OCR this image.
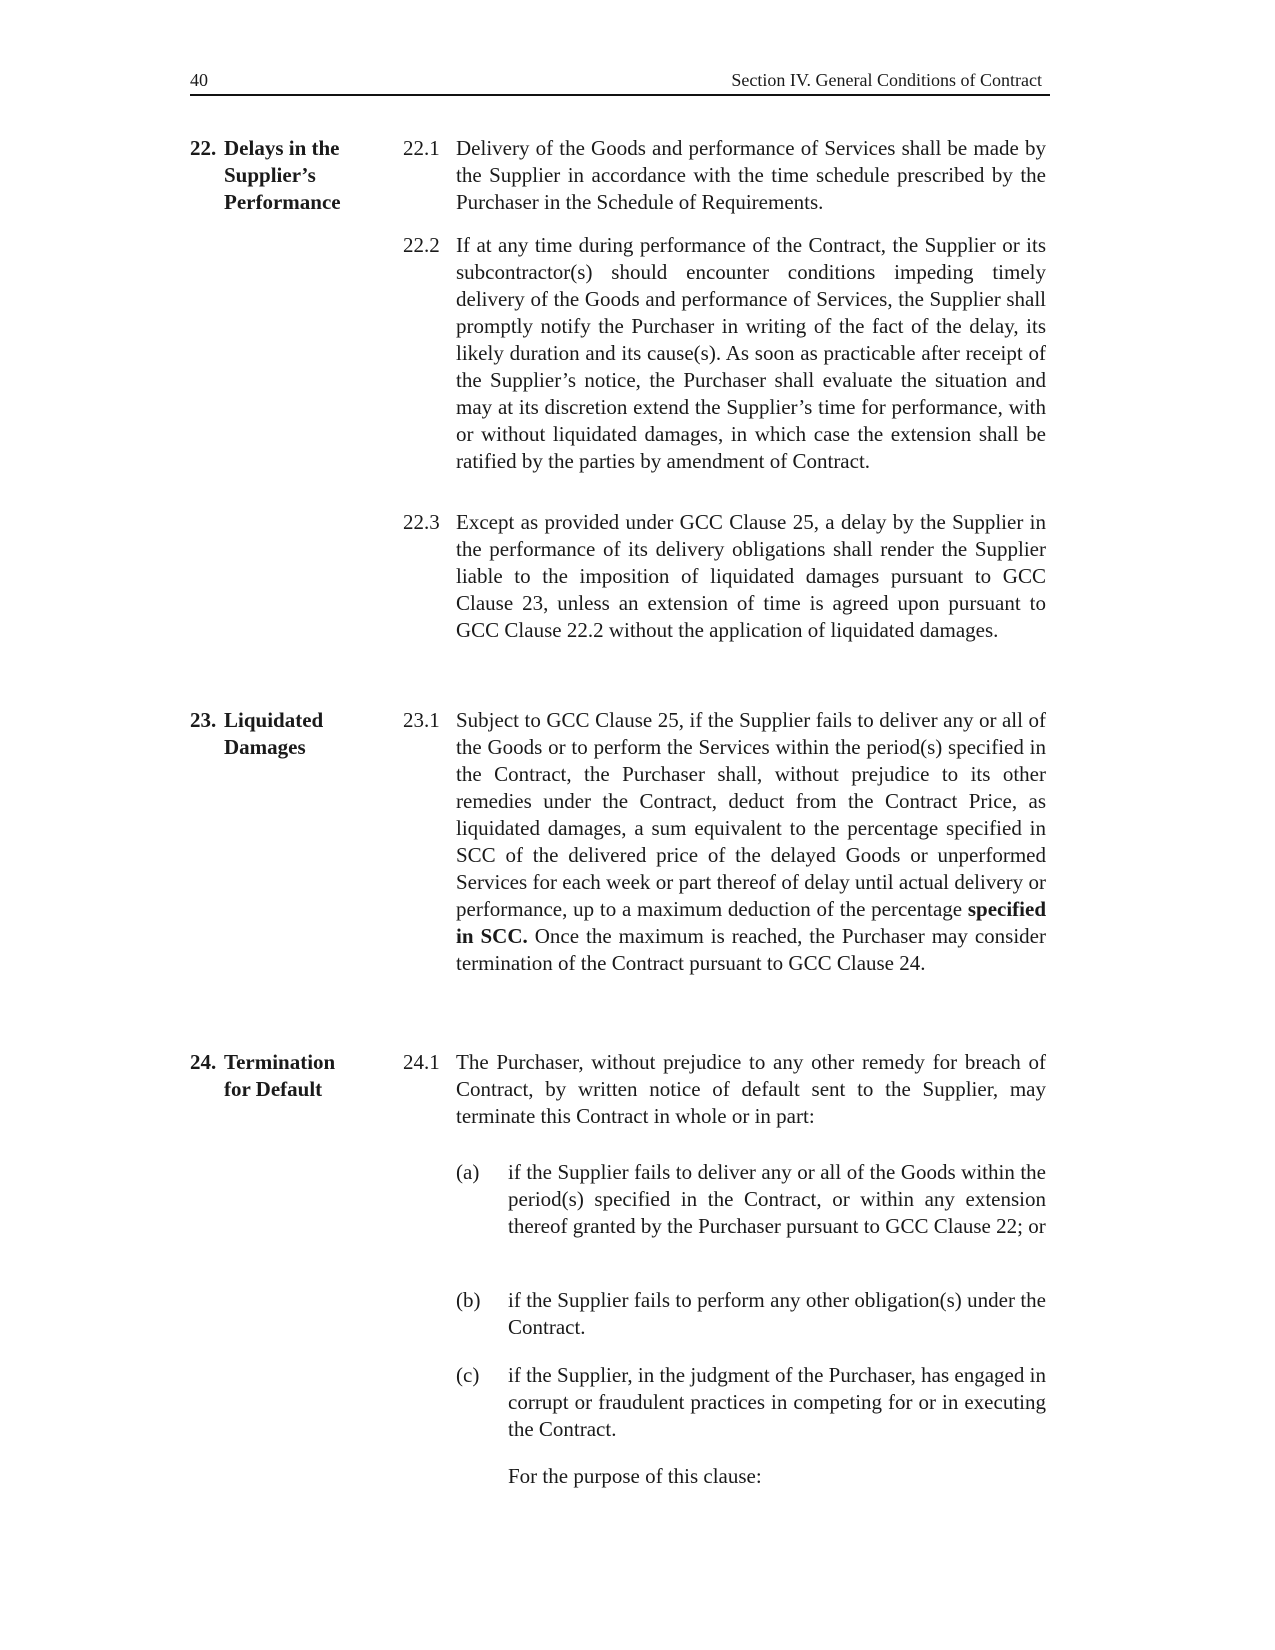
40	Section IV. General Conditions of Contract
22. Delays in the
Supplier’s
Performance
22.1 Delivery of the Goods and performance of Services shall be made by the Supplier in accordance with the time schedule prescribed by the Purchaser in the Schedule of Requirements.
22.2 If at any time during performance of the Contract, the Supplier or its subcontractor(s) should encounter conditions impeding timely delivery of the Goods and performance of Services, the Supplier shall promptly notify the Purchaser in writing of the fact of the delay, its likely duration and its cause(s). As soon as practicable after receipt of the Supplier’s notice, the Purchaser shall evaluate the situation and may at its discretion extend the Supplier’s time for performance, with or without liquidated damages, in which case the extension shall be ratified by the parties by amendment of Contract.
22.3 Except as provided under GCC Clause 25, a delay by the Supplier in the performance of its delivery obligations shall render the Supplier liable to the imposition of liquidated damages pursuant to GCC Clause 23, unless an extension of time is agreed upon pursuant to GCC Clause 22.2 without the application of liquidated damages.
23. Liquidated
Damages
23.1 Subject to GCC Clause 25, if the Supplier fails to deliver any or all of the Goods or to perform the Services within the period(s) specified in the Contract, the Purchaser shall, without prejudice to its other remedies under the Contract, deduct from the Contract Price, as liquidated damages, a sum equivalent to the percentage specified in SCC of the delivered price of the delayed Goods or unperformed Services for each week or part thereof of delay until actual delivery or performance, up to a maximum deduction of the percentage specified in SCC. Once the maximum is reached, the Purchaser may consider termination of the Contract pursuant to GCC Clause 24.
24. Termination
for Default
24.1 The Purchaser, without prejudice to any other remedy for breach of Contract, by written notice of default sent to the Supplier, may terminate this Contract in whole or in part:
(a) if the Supplier fails to deliver any or all of the Goods within the period(s) specified in the Contract, or within any extension thereof granted by the Purchaser pursuant to GCC Clause 22; or
(b) if the Supplier fails to perform any other obligation(s) under the Contract.
(c) if the Supplier, in the judgment of the Purchaser, has engaged in corrupt or fraudulent practices in competing for or in executing the Contract.
For the purpose of this clause:
